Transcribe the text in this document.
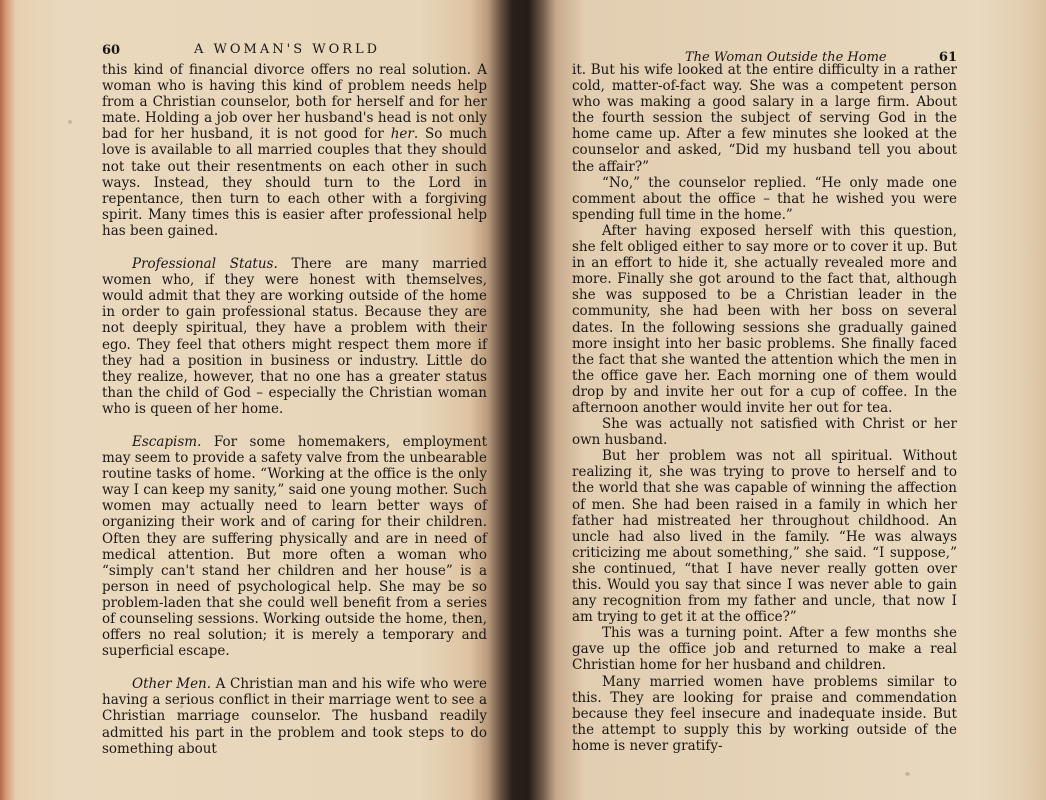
60	A WOMAN'S WORLD

this kind of financial divorce offers no real solution. A woman who is having this kind of problem needs help from a Christian counselor, both for herself and for her mate. Holding a job over her husband's head is not only bad for her husband, it is not good for her. So much love is available to all married couples that they should not take out their resentments on each other in such ways. Instead, they should turn to the Lord in repentance, then turn to each other with a forgiving spirit. Many times this is easier after professional help has been gained.

Professional Status. There are many married women who, if they were honest with themselves, would admit that they are working outside of the home in order to gain professional status. Because they are not deeply spiritual, they have a problem with their ego. They feel that others might respect them more if they had a position in business or industry. Little do they realize, however, that no one has a greater status than the child of God – especially the Christian woman who is queen of her home.

Escapism. For some homemakers, employment may seem to provide a safety valve from the unbearable routine tasks of home. “Working at the office is the only way I can keep my sanity,” said one young mother. Such women may actually need to learn better ways of organizing their work and of caring for their children. Often they are suffering physically and are in need of medical attention. But more often a woman who “simply can't stand her children and her house” is a person in need of psychological help. She may be so problem-laden that she could well benefit from a series of counseling sessions. Working outside the home, then, offers no real solution; it is merely a temporary and superficial escape.

Other Men. A Christian man and his wife who were having a serious conflict in their marriage went to see a Christian marriage counselor. The husband readily admitted his part in the problem and took steps to do something about

The Woman Outside the Home	61

it. But his wife looked at the entire difficulty in a rather cold, matter-of-fact way. She was a competent person who was making a good salary in a large firm. About the fourth session the subject of serving God in the home came up. After a few minutes she looked at the counselor and asked, “Did my husband tell you about the affair?”

“No,” the counselor replied. “He only made one comment about the office – that he wished you were spending full time in the home.”

After having exposed herself with this question, she felt obliged either to say more or to cover it up. But in an effort to hide it, she actually revealed more and more. Finally she got around to the fact that, although she was supposed to be a Christian leader in the community, she had been with her boss on several dates. In the following sessions she gradually gained more insight into her basic problems. She finally faced the fact that she wanted the attention which the men in the office gave her. Each morning one of them would drop by and invite her out for a cup of coffee. In the afternoon another would invite her out for tea.

She was actually not satisfied with Christ or her own husband.

But her problem was not all spiritual. Without realizing it, she was trying to prove to herself and to the world that she was capable of winning the affection of men. She had been raised in a family in which her father had mistreated her throughout childhood. An uncle had also lived in the family. “He was always criticizing me about something,” she said. “I suppose,” she continued, “that I have never really gotten over this. Would you say that since I was never able to gain any recognition from my father and uncle, that now I am trying to get it at the office?”

This was a turning point. After a few months she gave up the office job and returned to make a real Christian home for her husband and children.

Many married women have problems similar to this. They are looking for praise and commendation because they feel insecure and inadequate inside. But the attempt to supply this by working outside of the home is never gratify-
